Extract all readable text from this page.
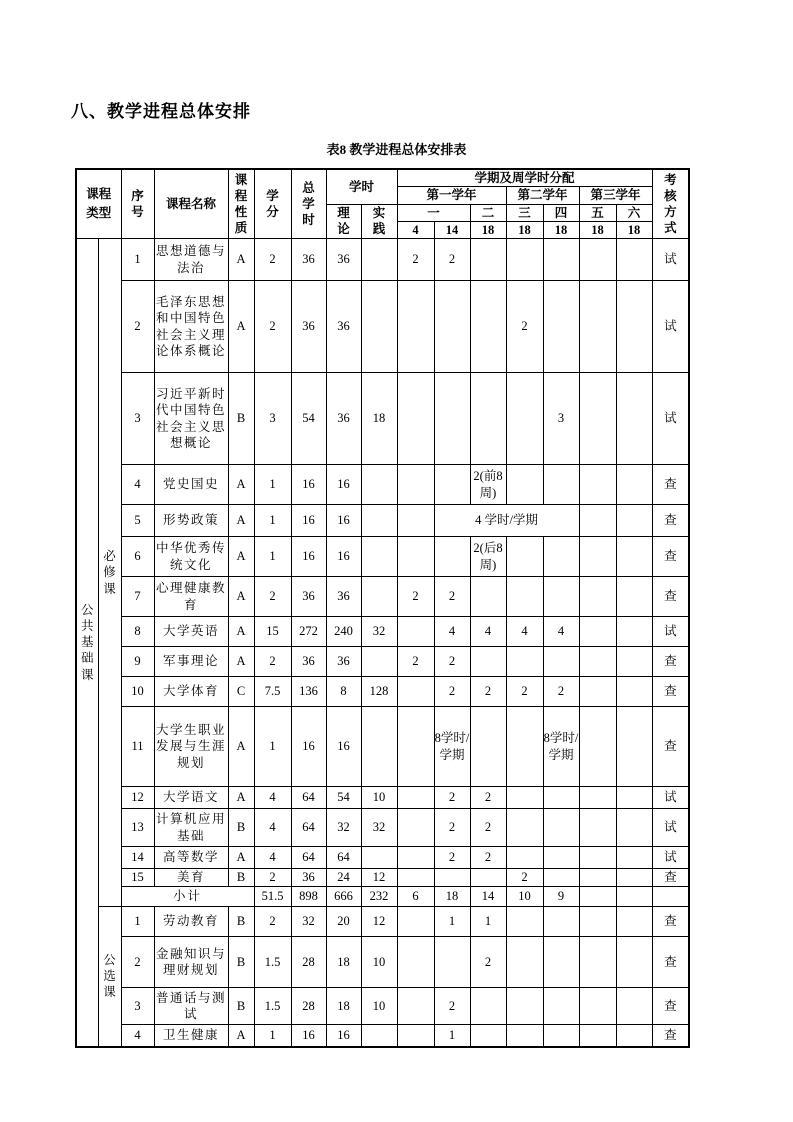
八、教学进程总体安排
表8 教学进程总体安排表
课程类型		序号	课程名称	课程性质	学分	总学时	学时		学期及周学时分配							考核方式
									第一学年			第二学年		第三学年		
							理论	实践	一		二	三	四	五	六	
									4	14	18	18	18	18	18	
公共基础课	必修课	1	思想道德与法治	A	2	36	36		2	2						试
		2	毛泽东思想和中国特色社会主义理论体系概论	A	2	36	36					2				试
		3	习近平新时代中国特色社会主义思想概论	B	3	54	36	18					3			试
		4	党史国史	A	1	16	16				2(前8周)					查
		5	形势政策	A	1	16	16			4 学时/学期						查
		6	中华优秀传统文化	A	1	16	16				2(后8周)					查
		7	心理健康教育	A	2	36	36		2	2						查
		8	大学英语	A	15	272	240	32		4	4	4	4			试
		9	军事理论	A	2	36	36		2	2						查
		10	大学体育	C	7.5	136	8	128		2	2	2	2			查
		11	大学生职业发展与生涯规划	A	1	16	16			8学时/学期			8学时/学期			查
		12	大学语文	A	4	64	54	10		2	2					试
		13	计算机应用基础	B	4	64	32	32		2	2					试
		14	高等数学	A	4	64	64			2	2					试
		15	美育	B	2	36	24	12				2				查
		小计			51.5	898	666	232	6	18	14	10	9			
	公选课	1	劳动教育	B	2	32	20	12		1	1					查
		2	金融知识与理财规划	B	1.5	28	18	10			2					查
		3	普通话与测试	B	1.5	28	18	10		2						查
		4	卫生健康	A	1	16	16			1						查
